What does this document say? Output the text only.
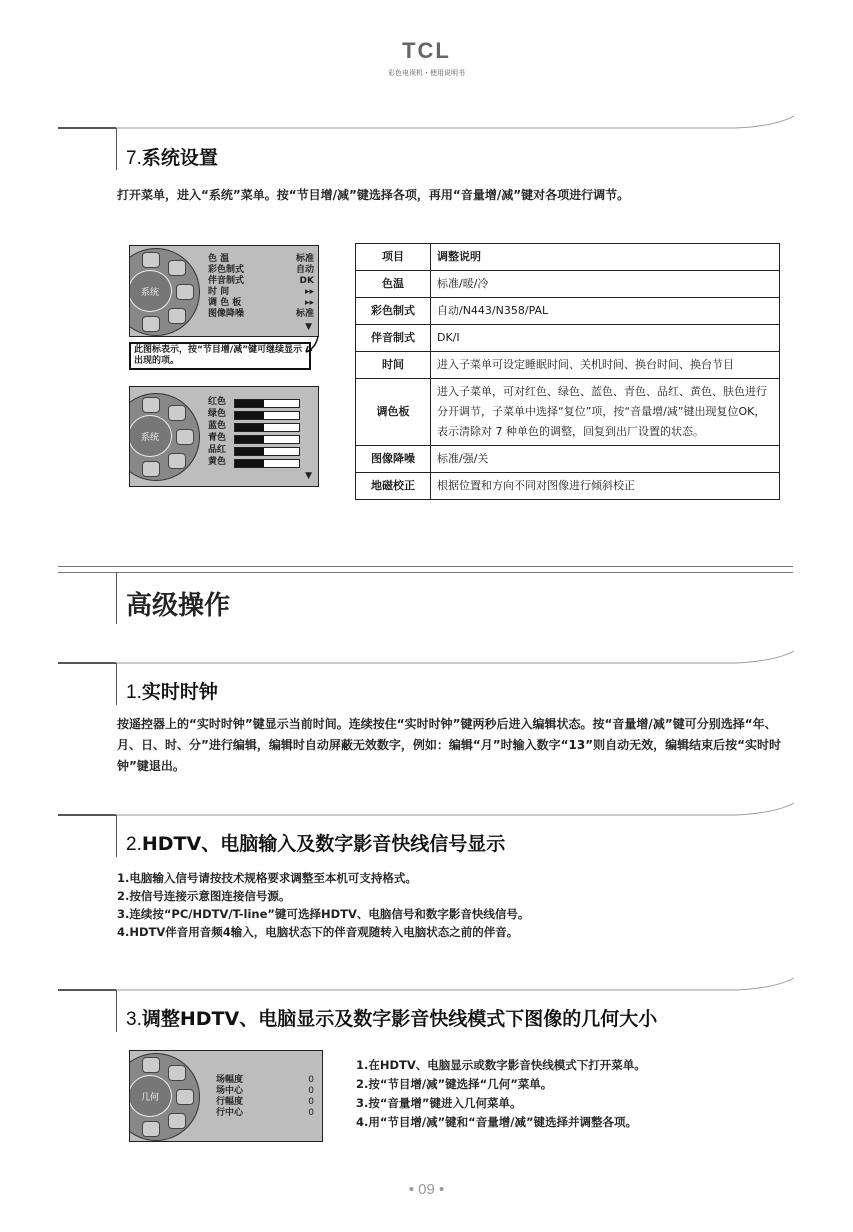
TCL
彩色电视机・使用说明书
7.系统设置
打开菜单，进入“系统”菜单。按“节目增/减”键选择各项，再用“音量增/减”键对各项进行调节。
系统
色 温
彩色制式
伴音制式
时 间
调 色 板
图像降噪
标准
自动
DK
▸▸
▸▸
标准
▼
此图标表示，按“节目增/减”键可继续显示出现的项。
系统
红色
绿色
蓝色
青色
品红
黄色
▼
项目	调整说明
色温	标准/暖/冷
彩色制式	自动/N443/N358/PAL
伴音制式	DK/I
时间	进入子菜单可设定睡眠时间、关机时间、换台时间、换台节目
调色板	进入子菜单，可对红色、绿色、蓝色、青色、品红、黄色、肤色进行分开调节，子菜单中选择“复位”项，按“音量增/减”键出现复位OK，表示清除对 7 种单色的调整，回复到出厂设置的状态。
图像降噪	标准/强/关
地磁校正	根据位置和方向不同对图像进行倾斜校正
高级操作
1.实时时钟
按遥控器上的“实时时钟”键显示当前时间。连续按住“实时时钟”键两秒后进入编辑状态。按“音量增/减”键可分别选择“年、月、日、时、分”进行编辑，编辑时自动屏蔽无效数字，例如：编辑“月”时输入数字“13”则自动无效，编辑结束后按“实时时钟”键退出。
2.HDTV、电脑输入及数字影音快线信号显示
1.电脑输入信号请按技术规格要求调整至本机可支持格式。
2.按信号连接示意图连接信号源。
3.连续按“PC/HDTV/T-line”键可选择HDTV、电脑信号和数字影音快线信号。
4.HDTV伴音用音频4输入，电脑状态下的伴音观随转入电脑状态之前的伴音。
3.调整HDTV、电脑显示及数字影音快线模式下图像的几何大小
几何
场幅度
场中心
行幅度
行中心
0
0
0
0
1.在HDTV、电脑显示或数字影音快线模式下打开菜单。
2.按“节目增/减”键选择“几何”菜单。
3.按“音量增”键进入几何菜单。
4.用“节目增/减”键和“音量增/减”键选择并调整各项。
• 09 •
